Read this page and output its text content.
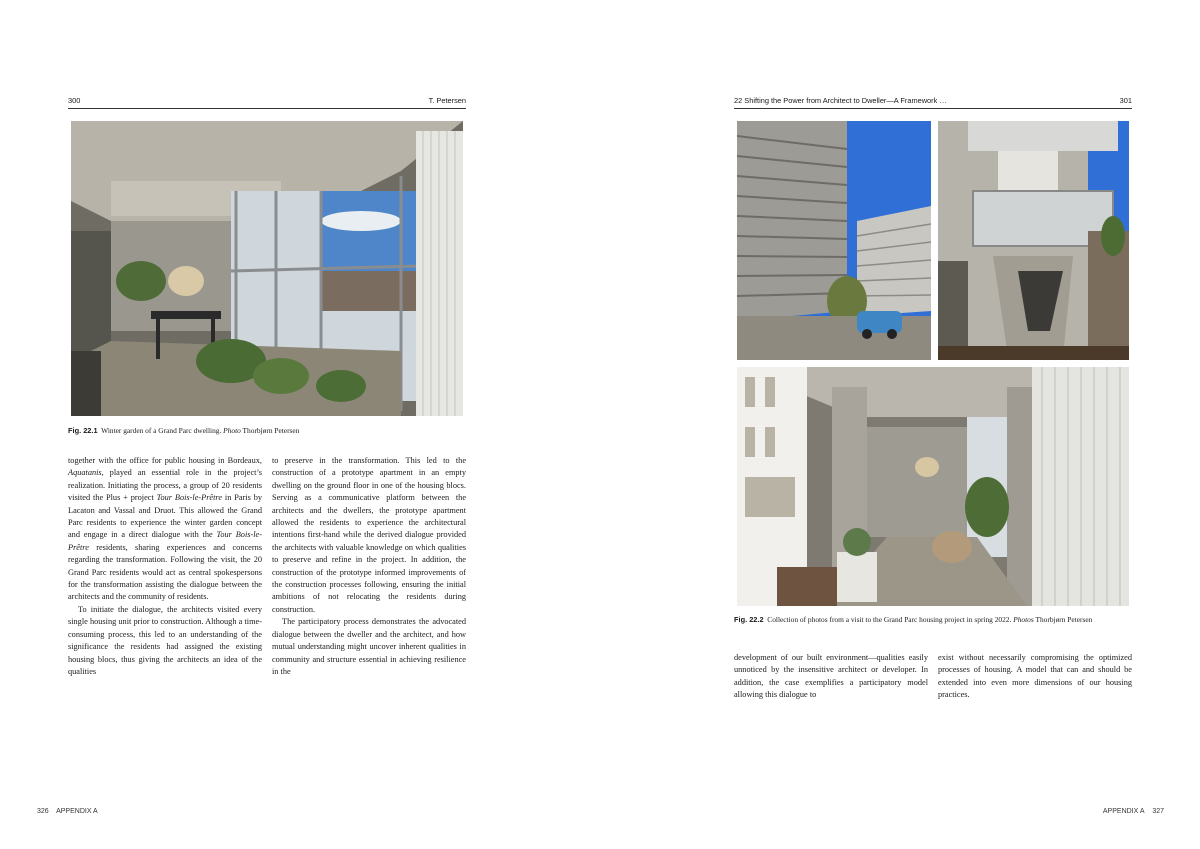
300	T. Petersen
Fig. 22.1 Winter garden of a Grand Parc dwelling. Photo Thorbjørn Petersen

together with the office for public housing in Bordeaux, Aquatanis, played an essential role in the project’s realization. Initiating the process, a group of 20 residents visited the Plus + project Tour Bois-le-Prêtre in Paris by Lacaton and Vassal and Druot. This allowed the Grand Parc residents to experience the winter garden concept and engage in a direct dialogue with the Tour Bois-le-Prêtre residents, sharing experiences and concerns regarding the transformation. Following the visit, the 20 Grand Parc residents would act as central spokespersons for the transformation assisting the dialogue between the architects and the community of residents.

To initiate the dialogue, the architects visited every single housing unit prior to construction. Although a time-consuming process, this led to an understanding of the significance the residents had assigned the existing housing blocs, thus giving the architects an idea of the qualities

to preserve in the transformation. This led to the construction of a prototype apartment in an empty dwelling on the ground floor in one of the housing blocs. Serving as a communicative platform between the architects and the dwellers, the prototype apartment allowed the residents to experience the architectural intentions first-hand while the derived dialogue provided the architects with valuable knowledge on which qualities to preserve and refine in the project. In addition, the construction of the prototype informed improvements of the construction processes following, ensuring the initial ambitions of not relocating the residents during construction.

The participatory process demonstrates the advocated dialogue between the dweller and the architect, and how mutual understanding might uncover inherent qualities in community and structure essential in achieving resilience in the

326 APPENDIX A
22 Shifting the Power from Architect to Dweller—A Framework …	301
Fig. 22.2 Collection of photos from a visit to the Grand Parc housing project in spring 2022. Photos Thorbjørn Petersen

development of our built environment—qualities easily unnoticed by the insensitive architect or developer. In addition, the case exemplifies a participatory model allowing this dialogue to

exist without necessarily compromising the optimized processes of housing. A model that can and should be extended into even more dimensions of our housing practices.

APPENDIX A 327
